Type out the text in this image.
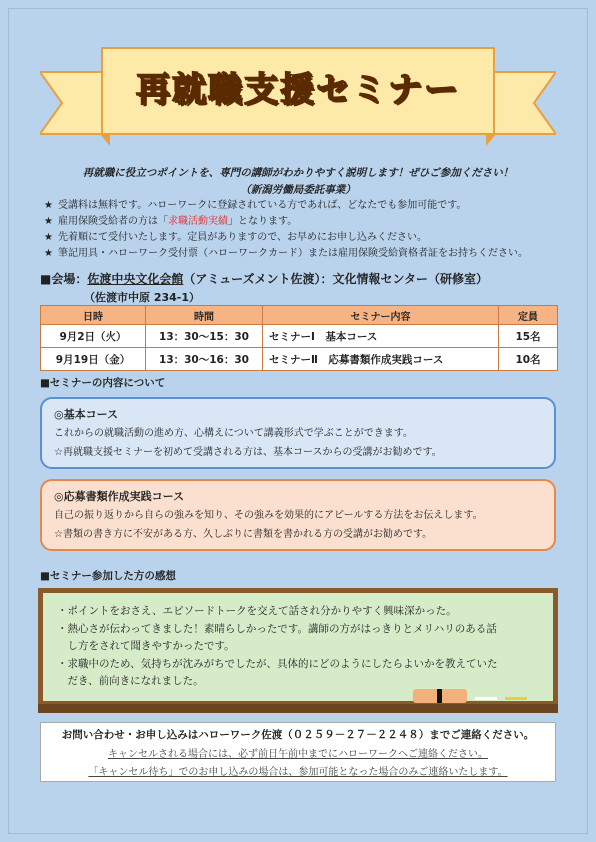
再就職支援セミナー
再就職に役立つポイントを、専門の講師がわかりやすく説明します！ぜひご参加ください！
（新潟労働局委託事業）
★ 受講料は無料です。ハローワークに登録されている方であれば、どなたでも参加可能です。
★ 雇用保険受給者の方は「求職活動実績」となります。
★ 先着順にて受付いたします。定員がありますので、お早めにお申し込みください。
★ 筆記用具・ハローワーク受付票（ハローワークカード）または雇用保険受給資格者証をお持ちください。
■会場：佐渡中央文化会館（アミューズメント佐渡）：文化情報センター（研修室）
（佐渡市中原 234-1）
日時	時間	セミナー内容	定員
9月2日（火）	13：30～15：30	セミナーⅠ　基本コース	15名
9月19日（金）	13：30～16：30	セミナーⅡ　応募書類作成実践コース	10名
■セミナーの内容について
◎基本コース
これからの就職活動の進め方、心構えについて講義形式で学ぶことができます。
☆再就職支援セミナーを初めて受講される方は、基本コースからの受講がお勧めです。
◎応募書類作成実践コース
自己の振り返りから自らの強みを知り、その強みを効果的にアピールする方法をお伝えします。
☆書類の書き方に不安がある方、久しぶりに書類を書かれる方の受講がお勧めです。
■セミナー参加した方の感想
・ポイントをおさえ、エピソードトークを交えて話され分かりやすく興味深かった。
・熱心さが伝わってきました！素晴らしかったです。講師の方がはっきりとメリハリのある話
　し方をされて聞きやすかったです。
・求職中のため、気持ちが沈みがちでしたが、具体的にどのようにしたらよいかを教えていた
　だき、前向きになれました。
お問い合わせ・お申し込みはハローワーク佐渡（０２５９－２７－２２４８）までご連絡ください。
キャンセルされる場合には、必ず前日午前中までにハローワークへご連絡ください。
「キャンセル待ち」でのお申し込みの場合は、参加可能となった場合のみご連絡いたします。
